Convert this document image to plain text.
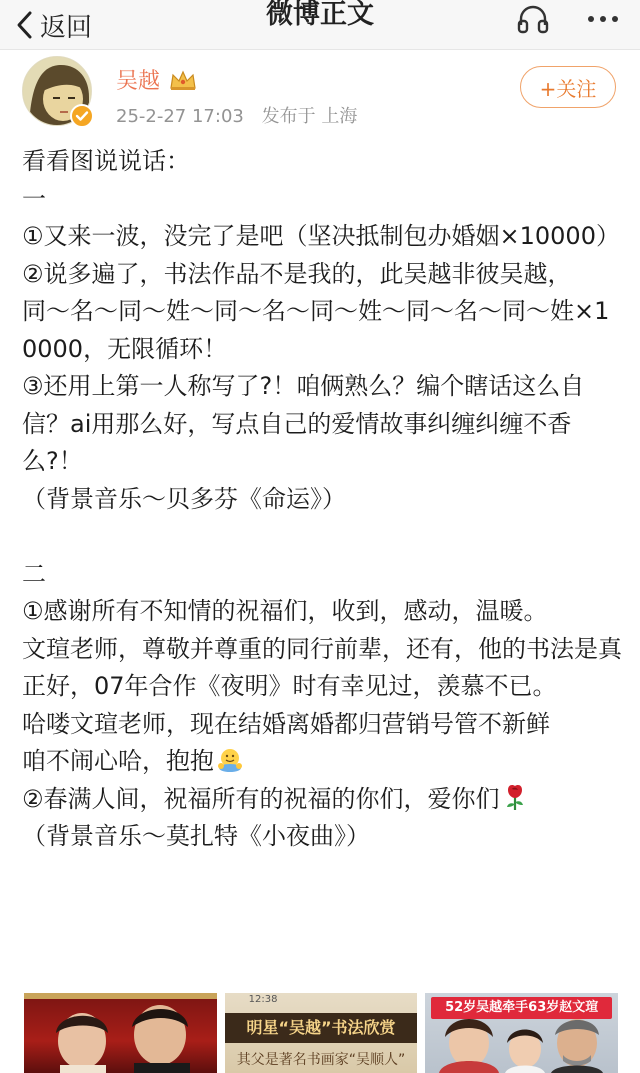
返回	微博正文
吴越
25-2-27 17:03 发布于 上海
+关注

看看图说说话：

一

①又来一波，没完了是吧（坚决抵制包办婚姻×10000）

②说多遍了，书法作品不是我的，此吴越非彼吴越，

同～名～同～姓～同～名～同～姓～同～名～同～姓×10000，无限循环！

③还用上第一人称写了?！咱俩熟么？编个瞎话这么自信？ai用那么好，写点自己的爱情故事纠缠纠缠不香么?！

（背景音乐～贝多芬《命运》）

二

①感谢所有不知情的祝福们，收到，感动，温暖。

文瑄老师，尊敬并尊重的同行前辈，还有，他的书法是真正好，07年合作《夜明》时有幸见过，羡慕不已。

哈喽文瑄老师，现在结婚离婚都归营销号管不新鲜

咱不闹心哈，抱抱

②春满人间，祝福所有的祝福的你们，爱你们

（背景音乐～莫扎特《小夜曲》）

12:38
明星“吴越”书法欣赏
其父是著名书画家“吴顺人”
52岁吴越牵手63岁赵文瑄
